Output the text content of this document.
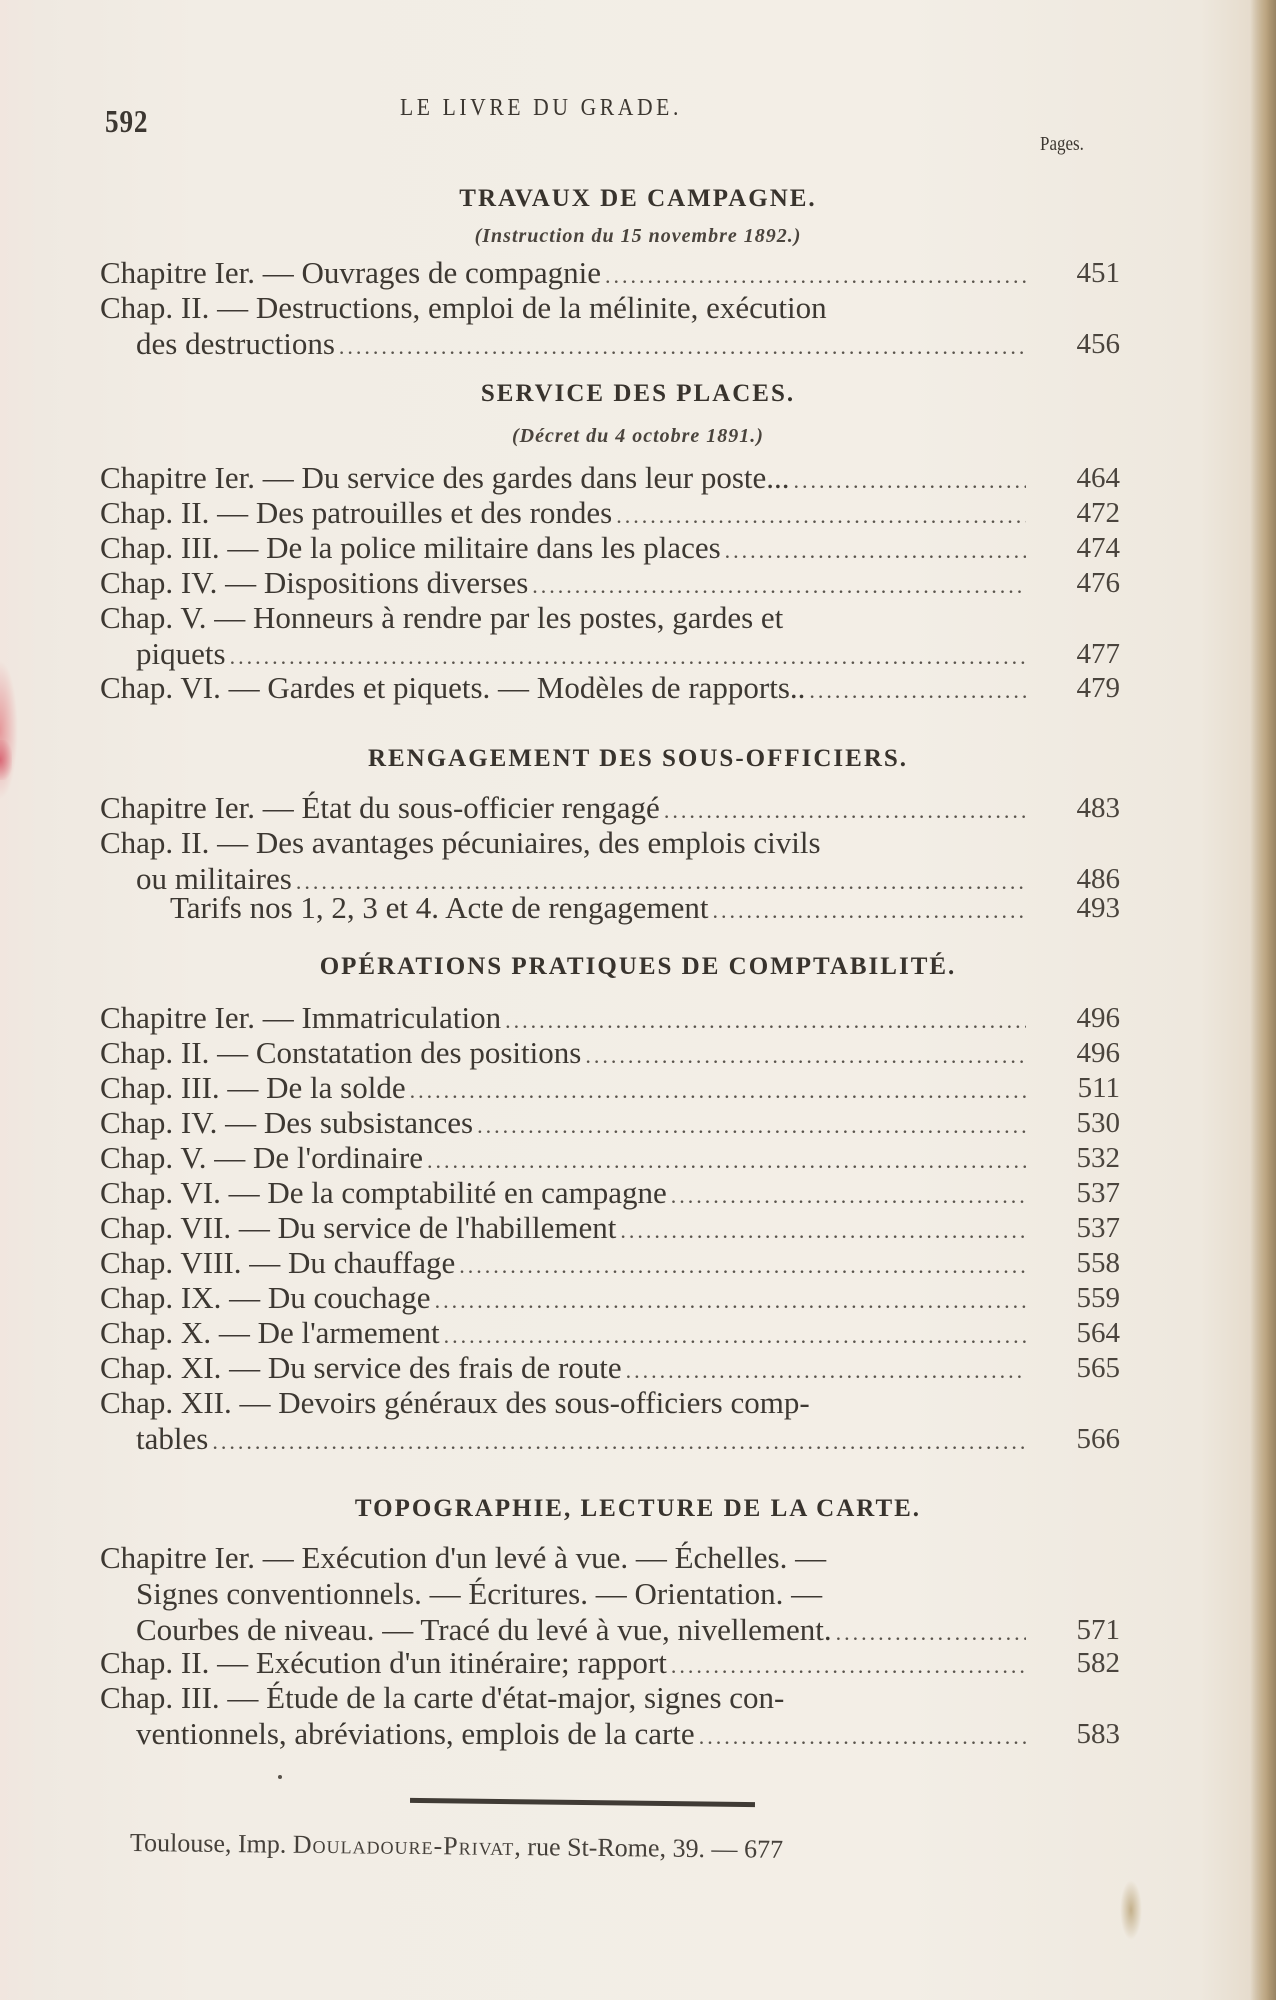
592	LE LIVRE DU GRADE.
Pages.
TRAVAUX DE CAMPAGNE.
(Instruction du 15 novembre 1892.)
Chapitre Ier. — Ouvrages de compagnie .....	451
Chap. II. — Destructions, emploi de la mélinite, exécution
des destructions .....	456
SERVICE DES PLACES.
(Décret du 4 octobre 1891.)
Chapitre Ier. — Du service des gardes dans leur poste... .....	464
Chap. II. — Des patrouilles et des rondes .....	472
Chap. III. — De la police militaire dans les places .....	474
Chap. IV. — Dispositions diverses .....	476
Chap. V. — Honneurs à rendre par les postes, gardes et
piquets .....	477
Chap. VI. — Gardes et piquets. — Modèles de rapports.. .....	479
RENGAGEMENT DES SOUS-OFFICIERS.
Chapitre Ier. — État du sous-officier rengagé .....	483
Chap. II. — Des avantages pécuniaires, des emplois civils
ou militaires .....	486
Tarifs nos 1, 2, 3 et 4. Acte de rengagement .....	493
OPÉRATIONS PRATIQUES DE COMPTABILITÉ.
Chapitre Ier. — Immatriculation .....	496
Chap. II. — Constatation des positions .....	496
Chap. III. — De la solde .....	511
Chap. IV. — Des subsistances .....	530
Chap. V. — De l'ordinaire .....	532
Chap. VI. — De la comptabilité en campagne .....	537
Chap. VII. — Du service de l'habillement .....	537
Chap. VIII. — Du chauffage .....	558
Chap. IX. — Du couchage .....	559
Chap. X. — De l'armement .....	564
Chap. XI. — Du service des frais de route .....	565
Chap. XII. — Devoirs généraux des sous-officiers comp-
tables .....	566
TOPOGRAPHIE, LECTURE DE LA CARTE.
Chapitre Ier. — Exécution d'un levé à vue. — Échelles. —
Signes conventionnels. — Écritures. — Orientation. —
Courbes de niveau. — Tracé du levé à vue, nivellement. .....	571
Chap. II. — Exécution d'un itinéraire; rapport .....	582
Chap. III. — Étude de la carte d'état-major, signes con-
ventionnels, abréviations, emplois de la carte .....	583
Toulouse, Imp. Douladoure-Privat, rue St-Rome, 39. — 677
